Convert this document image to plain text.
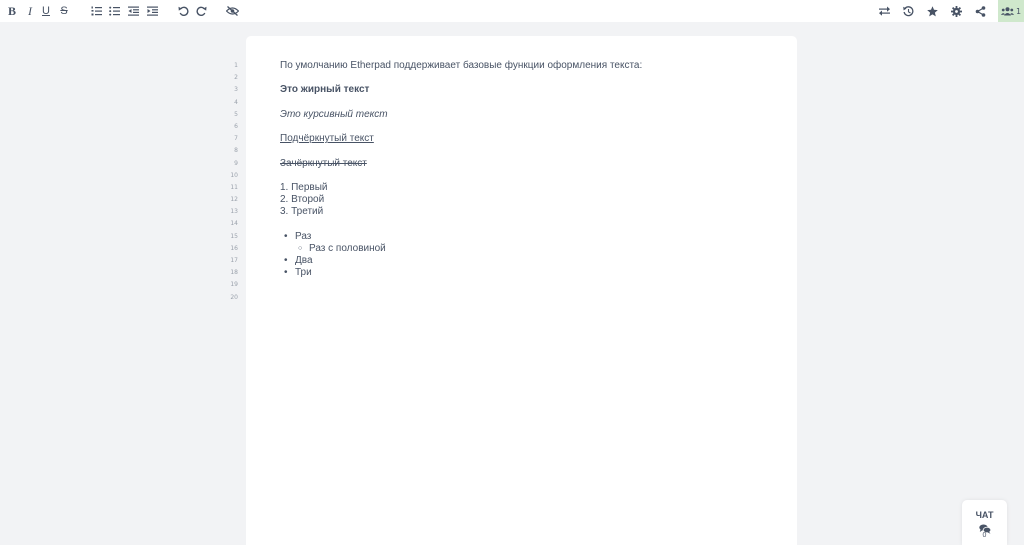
B	I U S	1
1
2
3
4
5
6
7
8
9
10
11
12
13
14
15
16
17
18
19
20
По умолчанию Etherpad поддерживает базовые функции оформления текста:
Это жирный текст
Это курсивный текст
Подчёркнутый текст
Зачёркнутый текст
1. Первый
2. Второй
3. Третий
• Раз
○ Раз с половиной
• Два
• Три
ЧАТ
0
